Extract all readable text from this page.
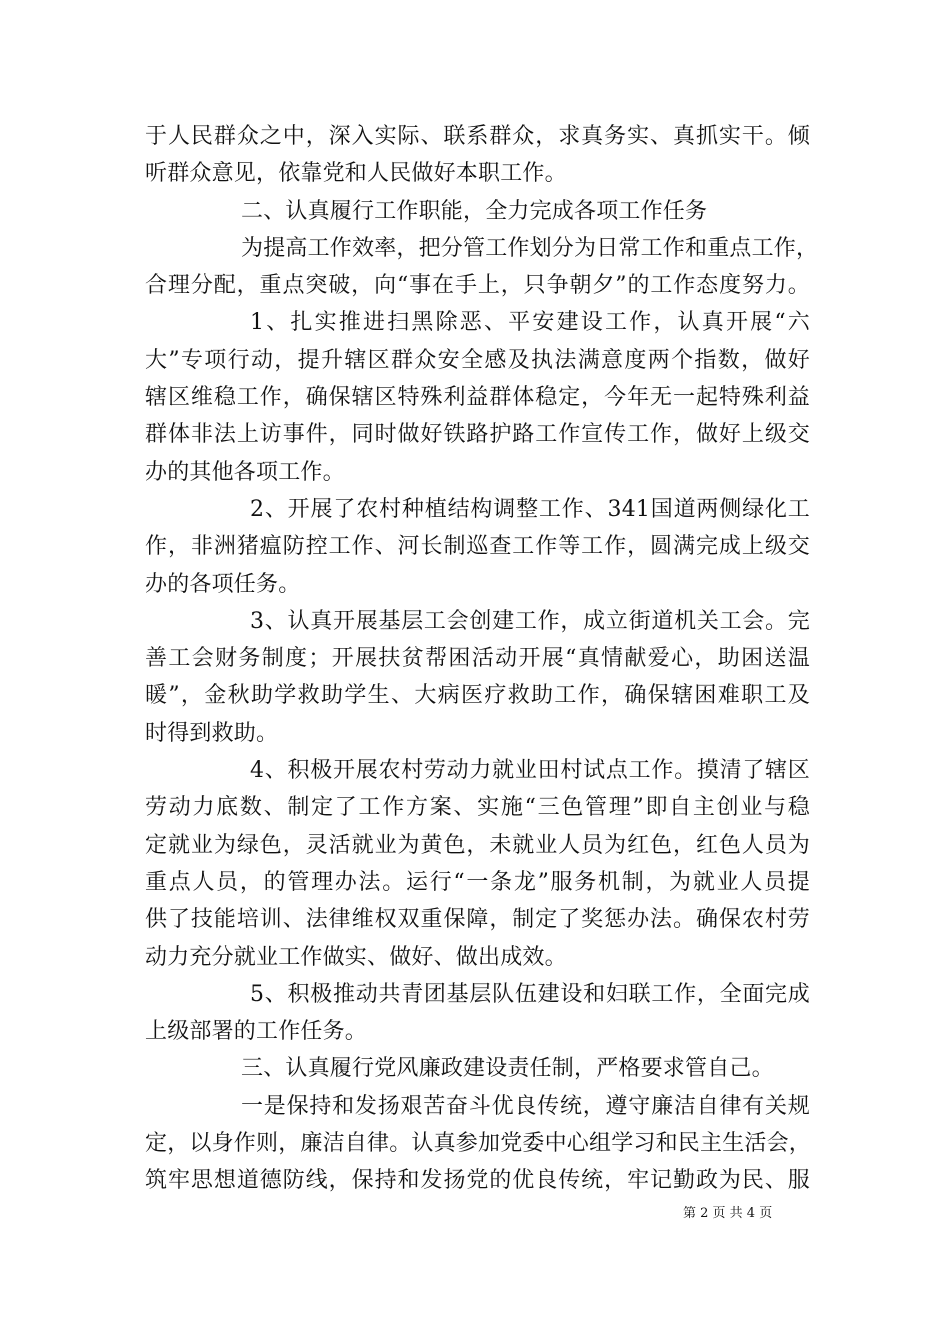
于人民群众之中，深入实际、联系群众，求真务实、真抓实干。倾
听群众意见，依靠党和人民做好本职工作。
二、认真履行工作职能，全力完成各项工作任务
为提高工作效率，把分管工作划分为日常工作和重点工作，
合理分配，重点突破，向“事在手上，只争朝夕”的工作态度努力。
1、扎实推进扫黑除恶、平安建设工作，认真开展“六
大”专项行动，提升辖区群众安全感及执法满意度两个指数，做好
辖区维稳工作，确保辖区特殊利益群体稳定，今年无一起特殊利益
群体非法上访事件，同时做好铁路护路工作宣传工作，做好上级交
办的其他各项工作。
2、开展了农村种植结构调整工作、341国道两侧绿化工
作，非洲猪瘟防控工作、河长制巡查工作等工作，圆满完成上级交
办的各项任务。
3、认真开展基层工会创建工作，成立街道机关工会。完
善工会财务制度；开展扶贫帮困活动开展“真情献爱心，助困送温
暖”，金秋助学救助学生、大病医疗救助工作，确保辖困难职工及
时得到救助。
4、积极开展农村劳动力就业田村试点工作。摸清了辖区
劳动力底数、制定了工作方案、实施“三色管理”即自主创业与稳
定就业为绿色，灵活就业为黄色，未就业人员为红色，红色人员为
重点人员，的管理办法。运行“一条龙”服务机制，为就业人员提
供了技能培训、法律维权双重保障，制定了奖惩办法。确保农村劳
动力充分就业工作做实、做好、做出成效。
5、积极推动共青团基层队伍建设和妇联工作，全面完成
上级部署的工作任务。
三、认真履行党风廉政建设责任制，严格要求管自己。
一是保持和发扬艰苦奋斗优良传统，遵守廉洁自律有关规
定，以身作则，廉洁自律。认真参加党委中心组学习和民主生活会，
筑牢思想道德防线，保持和发扬党的优良传统，牢记勤政为民、服
第 2 页 共 4 页
